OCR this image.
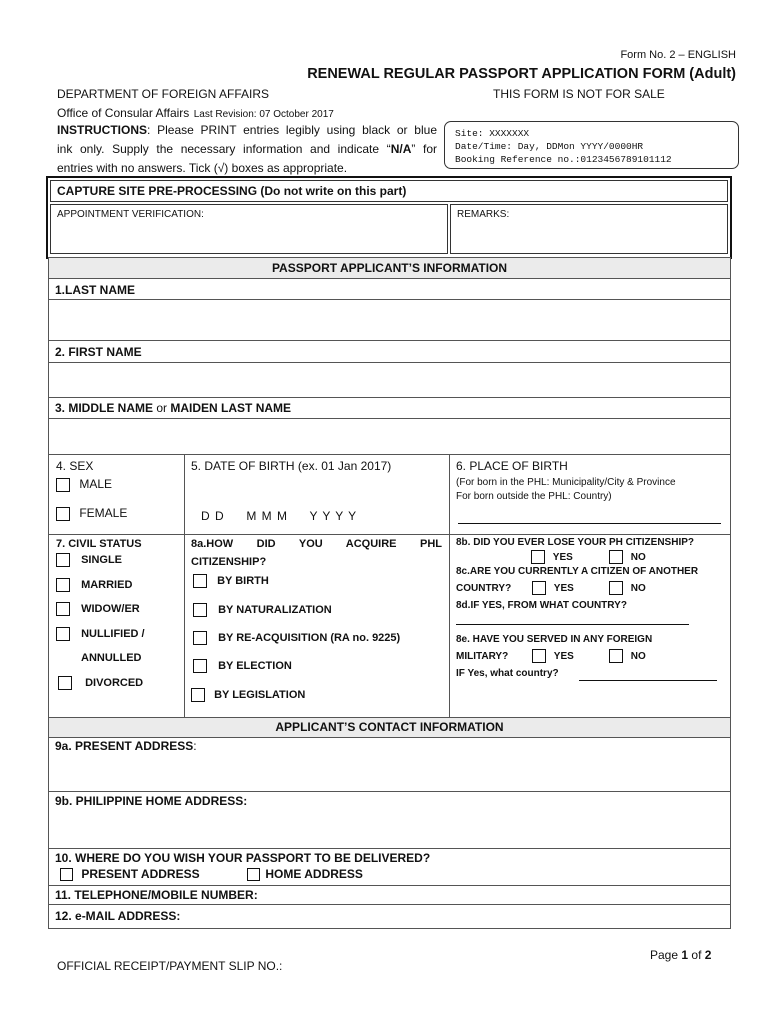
Form No. 2 – ENGLISH
RENEWAL REGULAR PASSPORT APPLICATION FORM (Adult)
DEPARTMENT OF FOREIGN AFFAIRS	THIS FORM IS NOT FOR SALE
Office of Consular Affairs Last Revision: 07 October 2017
INSTRUCTIONS: Please PRINT entries legibly using black or blue
ink only. Supply the necessary information and indicate “N/A” for
entries with no answers. Tick (√) boxes as appropriate.
Site: XXXXXXX
Date/Time: Day, DDMon YYYY/0000HR
Booking Reference no.:0123456789101112
CAPTURE SITE PRE-PROCESSING (Do not write on this part)
APPOINTMENT VERIFICATION:	REMARKS:
PASSPORT APPLICANT’S INFORMATION
1.LAST NAME
2. FIRST NAME
3. MIDDLE NAME or MAIDEN LAST NAME
4. SEX
MALE
FEMALE
5. DATE OF BIRTH (ex. 01 Jan 2017)
D D     M M M     Y Y Y Y
6. PLACE OF BIRTH
(For born in the PHL: Municipality/City & Province
For born outside the PHL: Country)
7. CIVIL STATUS
SINGLE
MARRIED
WIDOW/ER
NULLIFIED /
ANNULLED
DIVORCED
8a.HOW DID YOU ACQUIRE PHL
CITIZENSHIP?
BY BIRTH
BY NATURALIZATION
BY RE-ACQUISITION (RA no. 9225)
BY ELECTION
BY LEGISLATION
8b. DID YOU EVER LOSE YOUR PH CITIZENSHIP?
YES	NO
8c.ARE YOU CURRENTLY A CITIZEN OF ANOTHER
COUNTRY?	YES	NO
8d.IF YES, FROM WHAT COUNTRY?
8e. HAVE YOU SERVED IN ANY FOREIGN
MILITARY?	YES	NO
IF Yes, what country?
APPLICANT’S CONTACT INFORMATION
9a. PRESENT ADDRESS:
9b. PHILIPPINE HOME ADDRESS:
10. WHERE DO YOU WISH YOUR PASSPORT TO BE DELIVERED?
PRESENT ADDRESS	HOME ADDRESS
11. TELEPHONE/MOBILE NUMBER:
12. e-MAIL ADDRESS:
OFFICIAL RECEIPT/PAYMENT SLIP NO.:
Page 1 of 2
